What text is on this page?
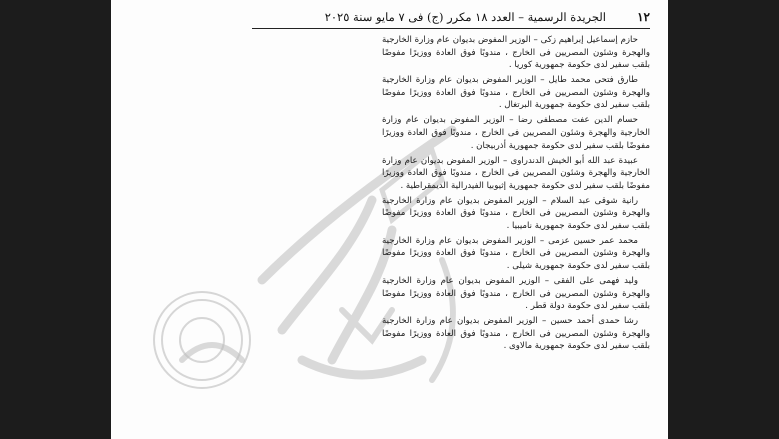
١٢
الجريدة الرسمية – العدد ١٨ مكرر (ج) فى ٧ مايو سنة ٢٠٢٥

حازم إسماعيل إبراهيم زكى – الوزير المفوض بديوان عام وزارة الخارجية والهجرة وشئون المصريين فى الخارج ، مندوبًا فوق العادة ووزيرًا مفوضًا بلقب سفير لدى حكومة جمهورية كوريا .

طارق فتحى محمد طايل – الوزير المفوض بديوان عام وزارة الخارجية والهجرة وشئون المصريين فى الخارج ، مندوبًا فوق العادة ووزيرًا مفوضًا بلقب سفير لدى حكومة جمهورية البرتغال .

حسام الدين عفت مصطفى رضا – الوزير المفوض بديوان عام وزارة الخارجية والهجرة وشئون المصريين فى الخارج ، مندوبًا فوق العادة ووزيرًا مفوضًا بلقب سفير لدى حكومة جمهورية أذربيجان .

عبيدة عبد الله أبو الخيش الدندراوى – الوزير المفوض بديوان عام وزارة الخارجية والهجرة وشئون المصريين فى الخارج ، مندوبًا فوق العادة ووزيرًا مفوضًا بلقب سفير لدى حكومة جمهورية إثيوبيا الفيدرالية الديمقراطية .

رانية شوقى عبد السلام – الوزير المفوض بديوان عام وزارة الخارجية والهجرة وشئون المصريين فى الخارج ، مندوبًا فوق العادة ووزيرًا مفوضًا بلقب سفير لدى حكومة جمهورية ناميبيا .

محمد عمر حسين عزمى – الوزير المفوض بديوان عام وزارة الخارجية والهجرة وشئون المصريين فى الخارج ، مندوبًا فوق العادة ووزيرًا مفوضًا بلقب سفير لدى حكومة جمهورية شيلى .

وليد فهمى على الفقى – الوزير المفوض بديوان عام وزارة الخارجية والهجرة وشئون المصريين فى الخارج ، مندوبًا فوق العادة ووزيرًا مفوضًا بلقب سفير لدى حكومة دولة قطر .

رشا حمدى أحمد حسين – الوزير المفوض بديوان عام وزارة الخارجية والهجرة وشئون المصريين فى الخارج ، مندوبًا فوق العادة ووزيرًا مفوضًا بلقب سفير لدى حكومة جمهورية مالاوى .
